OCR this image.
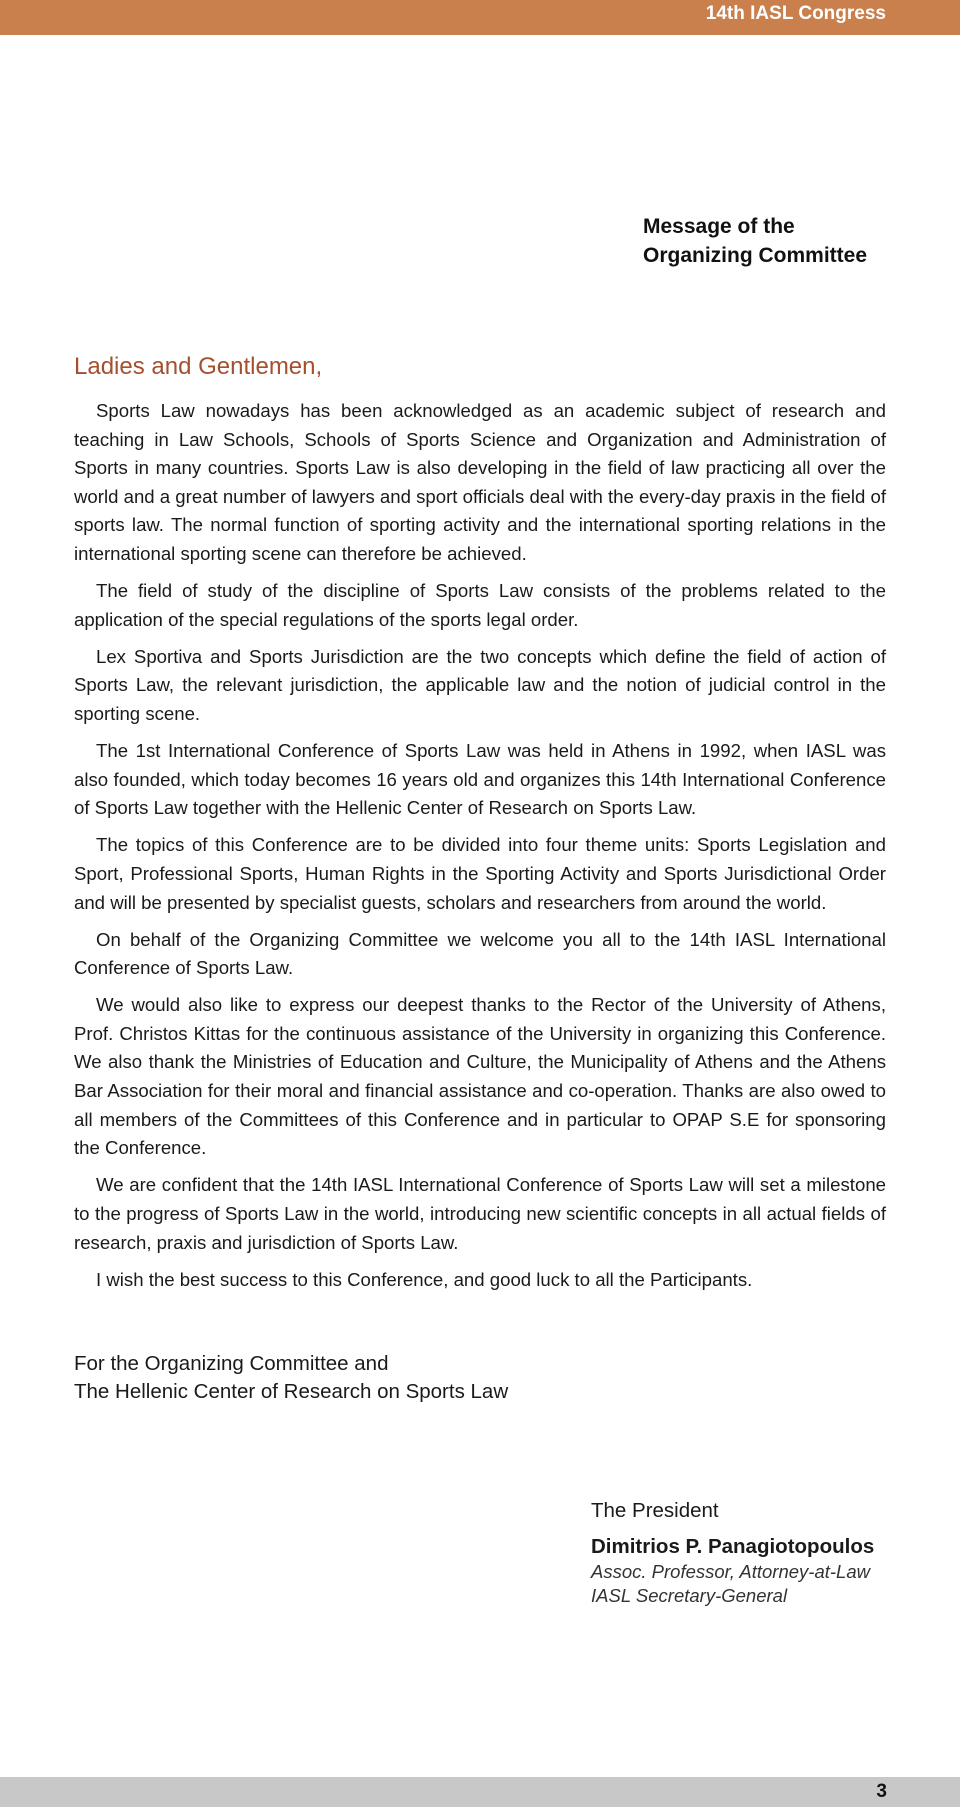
14th IASL Congress
Message of the
Organizing Committee
Ladies and Gentlemen,

Sports Law nowadays has been acknowledged as an academic subject of research and teaching in Law Schools, Schools of Sports Science and Organization and Administration of Sports in many countries. Sports Law is also developing in the field of law practicing all over the world and a great number of lawyers and sport officials deal with the every-day praxis in the field of sports law. The normal function of sporting activity and the international sporting relations in the international sporting scene can therefore be achieved.

The field of study of the discipline of Sports Law consists of the problems related to the application of the special regulations of the sports legal order.

Lex Sportiva and Sports Jurisdiction are the two concepts which define the field of action of Sports Law, the relevant jurisdiction, the applicable law and the notion of judicial control in the sporting scene.

The 1st International Conference of Sports Law was held in Athens in 1992, when IASL was also founded, which today becomes 16 years old and organizes this 14th International Conference of Sports Law together with the Hellenic Center of Research on Sports Law.

The topics of this Conference are to be divided into four theme units: Sports Legislation and Sport, Professional Sports, Human Rights in the Sporting Activity and Sports Jurisdictional Order and will be presented by specialist guests, scholars and researchers from around the world.

On behalf of the Organizing Committee we welcome you all to the 14th IASL International Conference of Sports Law.

We would also like to express our deepest thanks to the Rector of the University of Athens, Prof. Christos Kittas for the continuous assistance of the University in organizing this Conference. We also thank the Ministries of Education and Culture, the Municipality of Athens and the Athens Bar Association for their moral and financial assistance and co-operation. Thanks are also owed to all members of the Committees of this Conference and in particular to OPAP S.E for sponsoring the Conference.

We are confident that the 14th IASL International Conference of Sports Law will set a milestone to the progress of Sports Law in the world, introducing new scientific concepts in all actual fields of research, praxis and jurisdiction of Sports Law.

I wish the best success to this Conference, and good luck to all the Participants.

For the Organizing Committee and
The Hellenic Center of Research on Sports Law
The President
Dimitrios P. Panagiotopoulos
Assoc. Professor, Attorney-at-Law
IASL Secretary-General
3
